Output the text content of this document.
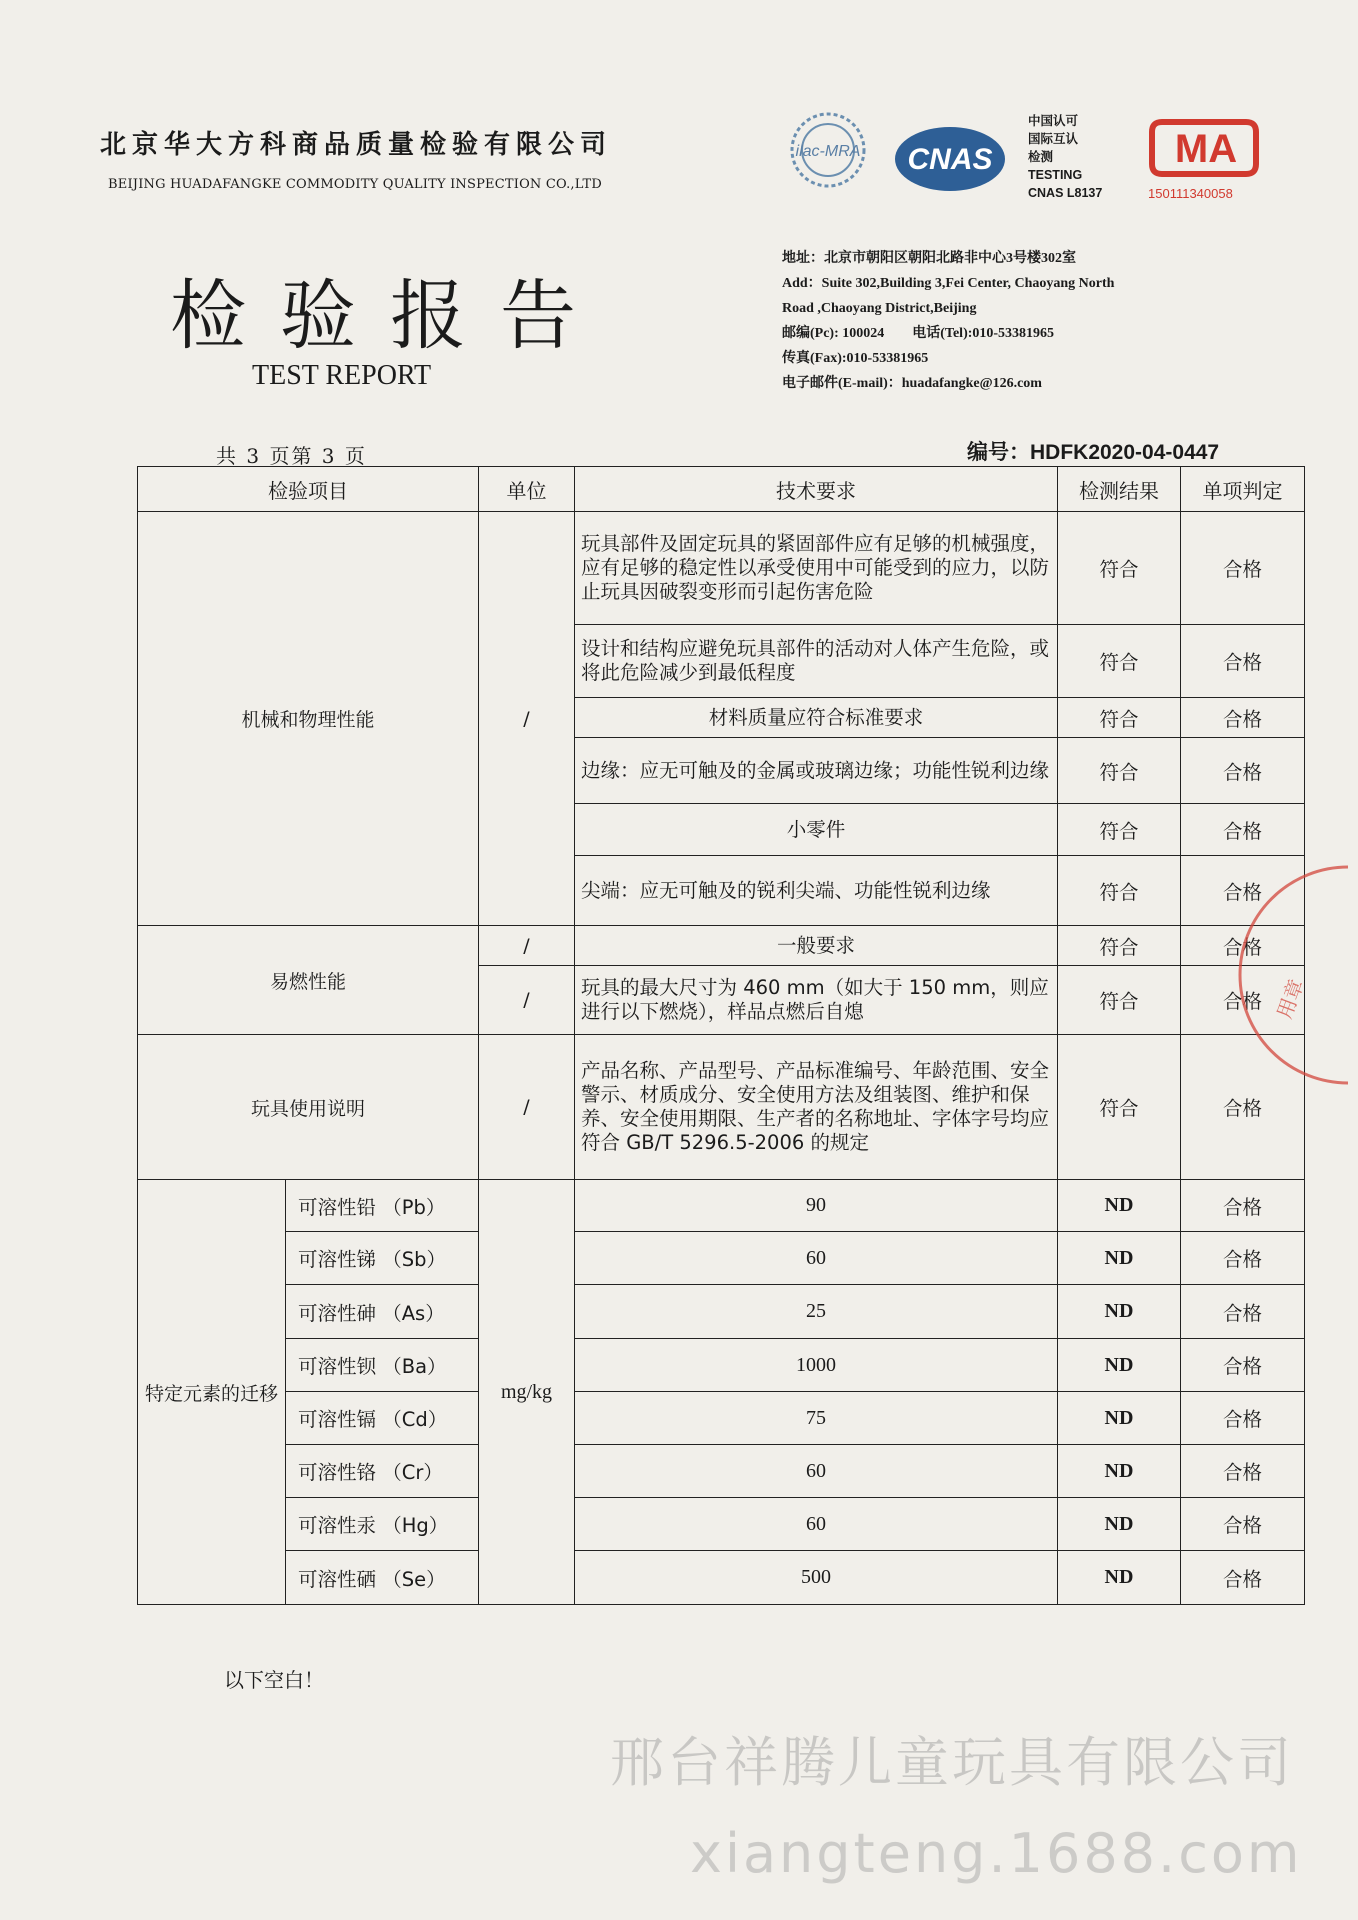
北京华大方科商品质量检验有限公司
BEIJING HUADAFANGKE COMMODITY QUALITY INSPECTION CO.,LTD
ilac-MRA CNAS
中国认可
国际互认
检测
TESTING
CNAS L8137
MA
150111340058
检验报告
TEST REPORT
地址：北京市朝阳区朝阳北路非中心3号楼302室
Add：Suite 302,Building 3,Fei Center, Chaoyang North
Road ,Chaoyang District,Beijing
邮编(Pc): 100024　　电话(Tel):010-53381965
传真(Fax):010-53381965
电子邮件(E-mail)：huadafangke@126.com
共 3 页第 3 页	编号：HDFK2020-04-0447
检验项目		单位	技术要求	检测结果	单项判定
机械和物理性能		/	玩具部件及固定玩具的紧固部件应有足够的机械强度，应有足够的稳定性以承受使用中可能受到的应力，以防止玩具因破裂变形而引起伤害危险	符合	合格
			设计和结构应避免玩具部件的活动对人体产生危险，或将此危险减少到最低程度	符合	合格
			材料质量应符合标准要求	符合	合格
			边缘：应无可触及的金属或玻璃边缘；功能性锐利边缘	符合	合格
			小零件	符合	合格
			尖端：应无可触及的锐利尖端、功能性锐利边缘	符合	合格
易燃性能		/	一般要求	符合	合格
		/	玩具的最大尺寸为 460 mm（如大于 150 mm，则应进行以下燃烧），样品点燃后自熄	符合	合格
玩具使用说明		/	产品名称、产品型号、产品标准编号、年龄范围、安全警示、材质成分、安全使用方法及组装图、维护和保养、安全使用期限、生产者的名称地址、字体字号均应符合 GB/T 5296.5-2006 的规定	符合	合格
特定元素的迁移	可溶性铅 （Pb）	mg/kg	90	ND	合格
	可溶性锑 （Sb）		60	ND	合格
	可溶性砷 （As）		25	ND	合格
	可溶性钡 （Ba）		1000	ND	合格
	可溶性镉 （Cd）		75	ND	合格
	可溶性铬 （Cr）		60	ND	合格
	可溶性汞 （Hg）		60	ND	合格
	可溶性硒 （Se）		500	ND	合格
用章
以下空白！
邢台祥腾儿童玩具有限公司
xiangteng.1688.com
